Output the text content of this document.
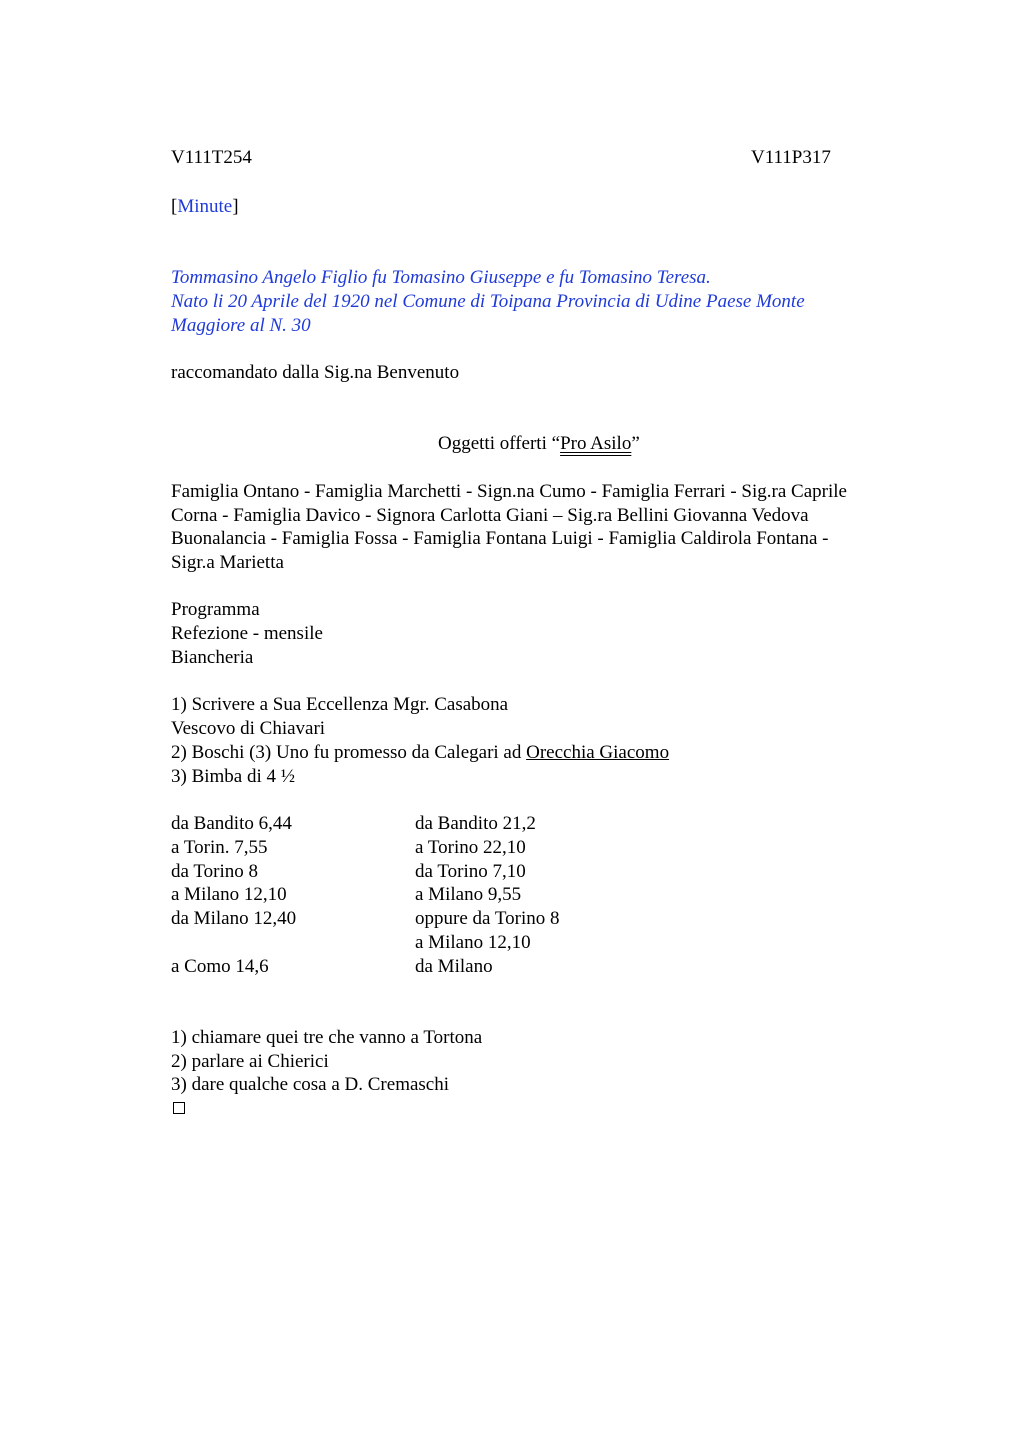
V111T254	V111P317
[Minute]
Tommasino Angelo Figlio fu Tomasino Giuseppe e fu Tomasino Teresa.
Nato li 20 Aprile del 1920 nel Comune di Toipana Provincia di Udine Paese Monte
Maggiore al N. 30
raccomandato dalla Sig.na Benvenuto
Oggetti offerti “Pro Asilo”
Famiglia Ontano - Famiglia Marchetti - Sign.na Cumo - Famiglia Ferrari - Sig.ra Caprile
Corna - Famiglia Davico - Signora Carlotta Giani – Sig.ra Bellini Giovanna Vedova
Buonalancia - Famiglia Fossa - Famiglia Fontana Luigi - Famiglia Caldirola Fontana -
Sigr.a Marietta
Programma
Refezione - mensile
Biancheria
1) Scrivere a Sua Eccellenza Mgr. Casabona
Vescovo di Chiavari
2) Boschi (3) Uno fu promesso da Calegari ad Orecchia Giacomo
3) Bimba di 4 ½
da Bandito 6,44
a Torin. 7,55
da Torino 8
a Milano 12,10
da Milano 12,40
a Como 14,6
da Bandito 21,2
a Torino 22,10
da Torino 7,10
a Milano 9,55
oppure da Torino 8
a Milano 12,10
da Milano
1) chiamare quei tre che vanno a Tortona
2) parlare ai Chierici
3) dare qualche cosa a D. Cremaschi
